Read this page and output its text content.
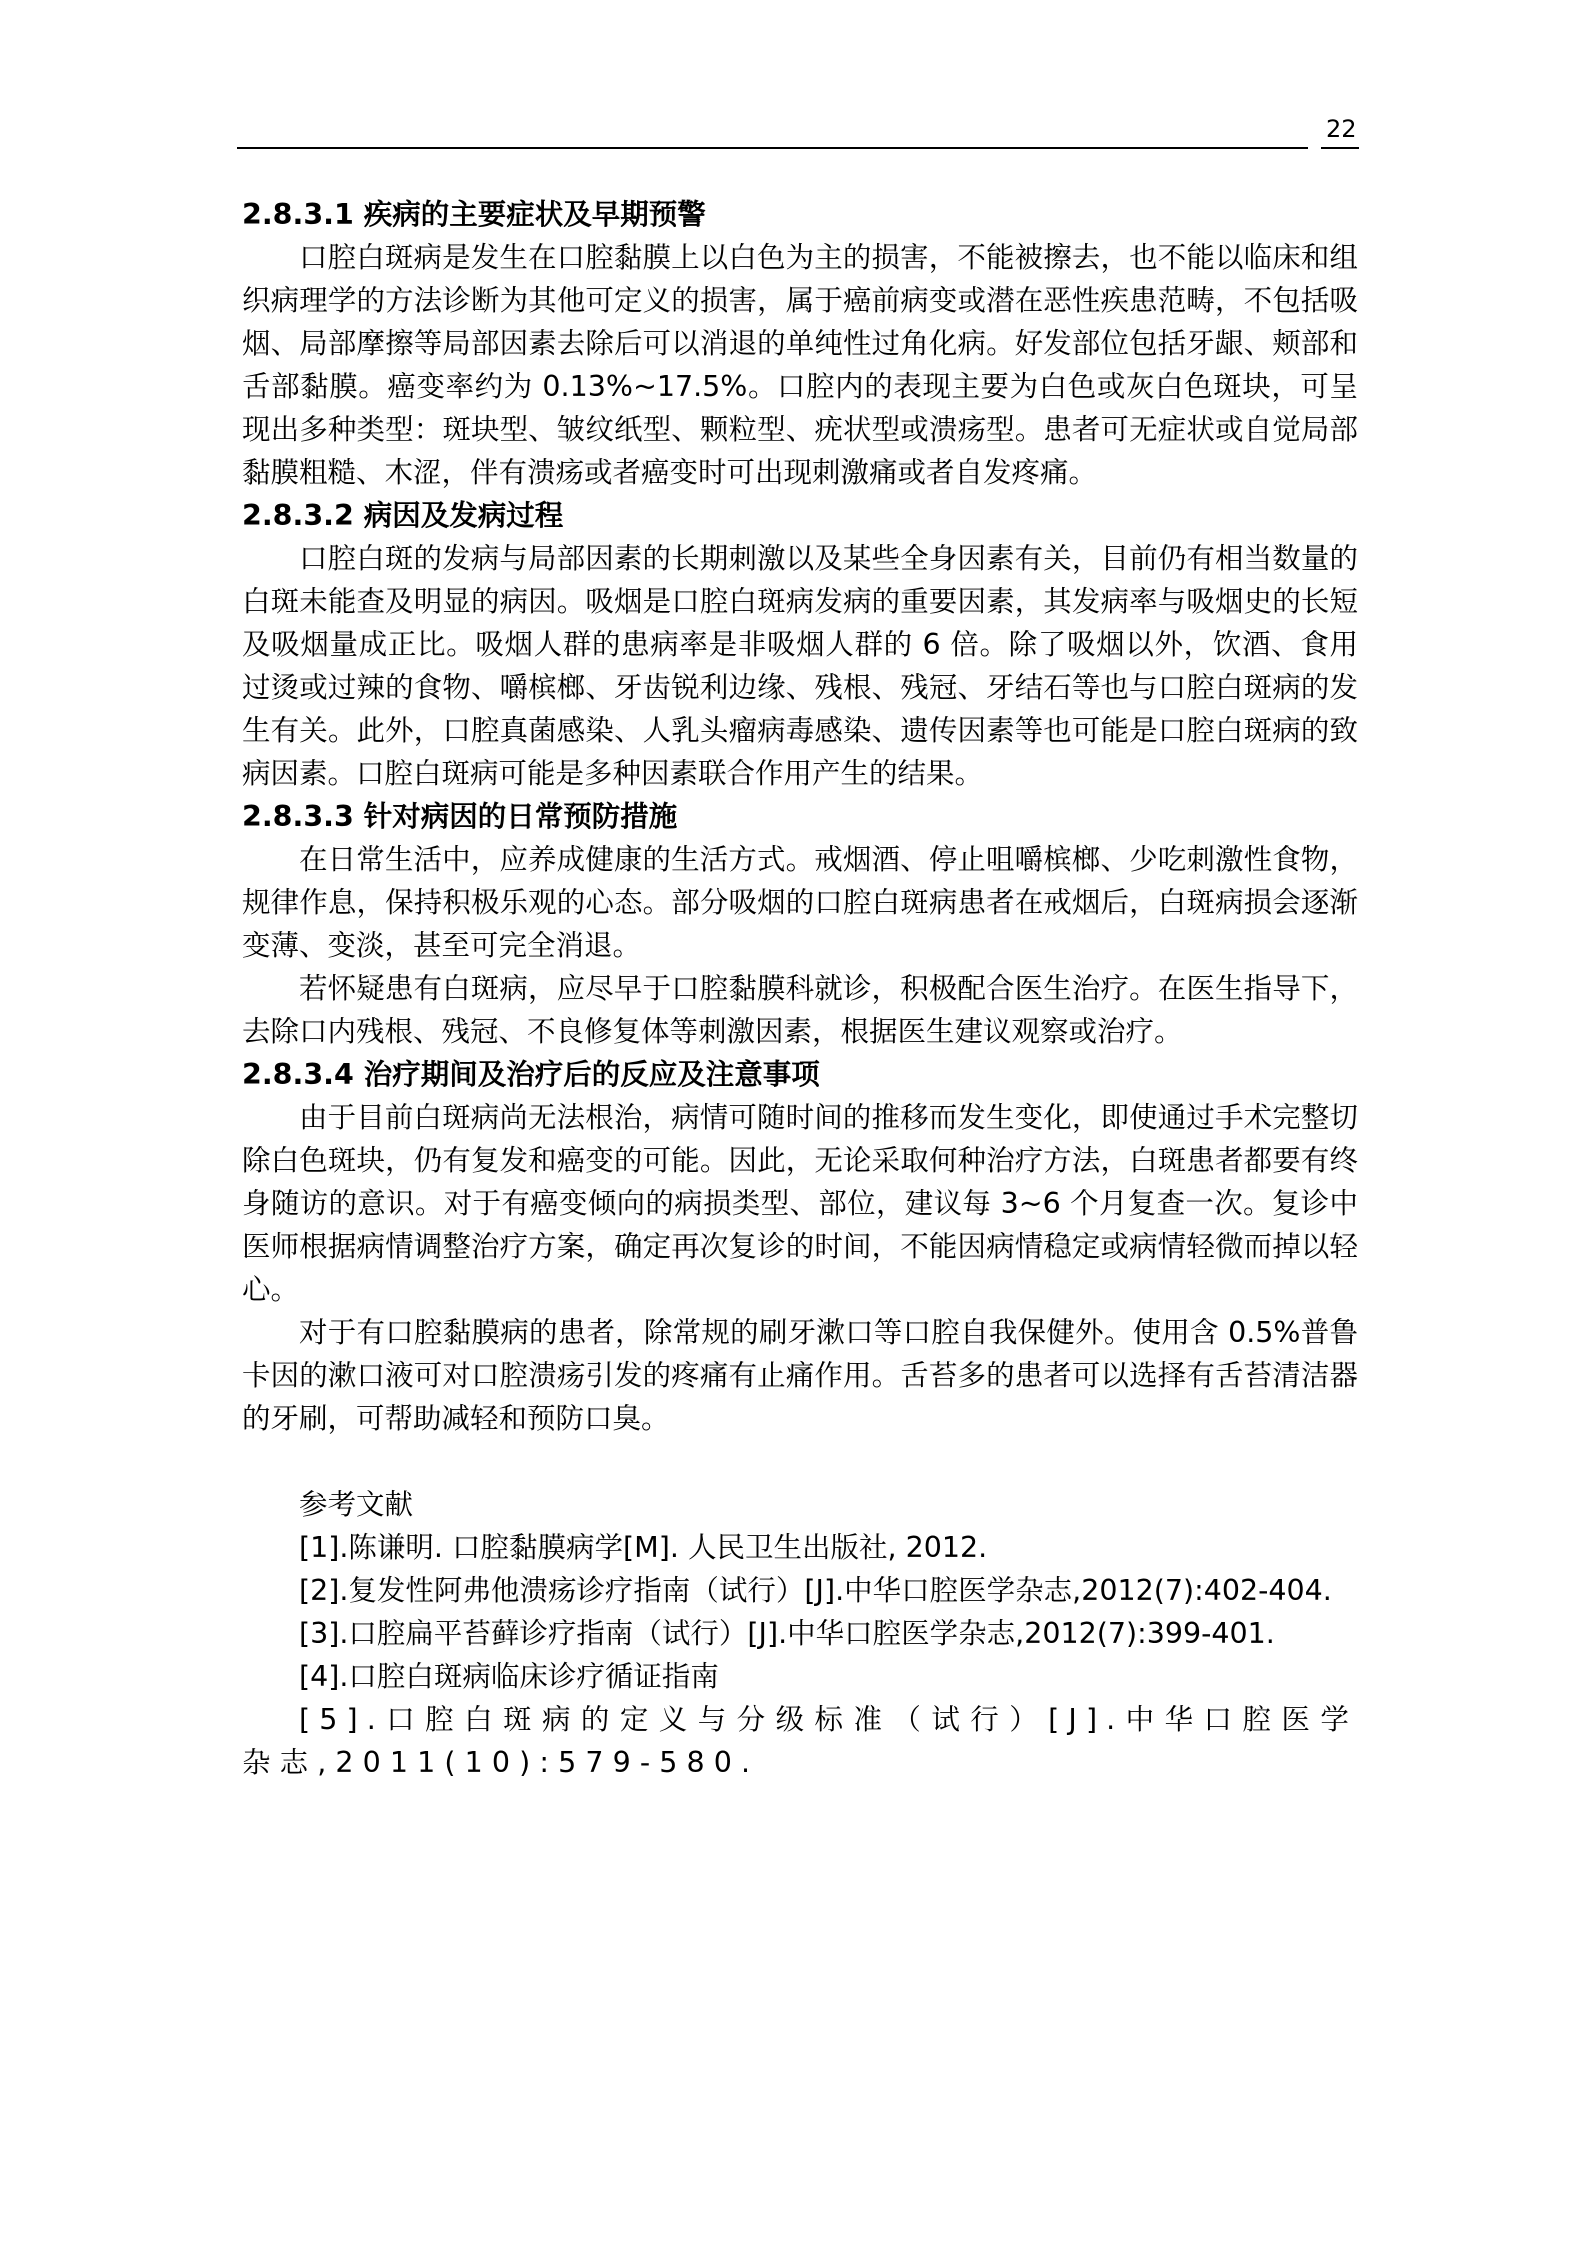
22

2.8.3.1 疾病的主要症状及早期预警

口腔白斑病是发生在口腔黏膜上以白色为主的损害，不能被擦去，也不能以临床和组织病理学的方法诊断为其他可定义的损害，属于癌前病变或潜在恶性疾患范畴，不包括吸烟、局部摩擦等局部因素去除后可以消退的单纯性过角化病。好发部位包括牙龈、颊部和舌部黏膜。癌变率约为 0.13%~17.5%。口腔内的表现主要为白色或灰白色斑块，可呈现出多种类型：斑块型、皱纹纸型、颗粒型、疣状型或溃疡型。患者可无症状或自觉局部黏膜粗糙、木涩，伴有溃疡或者癌变时可出现刺激痛或者自发疼痛。

2.8.3.2 病因及发病过程

口腔白斑的发病与局部因素的长期刺激以及某些全身因素有关，目前仍有相当数量的白斑未能查及明显的病因。吸烟是口腔白斑病发病的重要因素，其发病率与吸烟史的长短及吸烟量成正比。吸烟人群的患病率是非吸烟人群的 6 倍。除了吸烟以外，饮酒、食用过烫或过辣的食物、嚼槟榔、牙齿锐利边缘、残根、残冠、牙结石等也与口腔白斑病的发生有关。此外，口腔真菌感染、人乳头瘤病毒感染、遗传因素等也可能是口腔白斑病的致病因素。口腔白斑病可能是多种因素联合作用产生的结果。

2.8.3.3 针对病因的日常预防措施

在日常生活中，应养成健康的生活方式。戒烟酒、停止咀嚼槟榔、少吃刺激性食物，规律作息，保持积极乐观的心态。部分吸烟的口腔白斑病患者在戒烟后，白斑病损会逐渐变薄、变淡，甚至可完全消退。

若怀疑患有白斑病，应尽早于口腔黏膜科就诊，积极配合医生治疗。在医生指导下，去除口内残根、残冠、不良修复体等刺激因素，根据医生建议观察或治疗。

2.8.3.4 治疗期间及治疗后的反应及注意事项

由于目前白斑病尚无法根治，病情可随时间的推移而发生变化，即使通过手术完整切除白色斑块，仍有复发和癌变的可能。因此，无论采取何种治疗方法，白斑患者都要有终身随访的意识。对于有癌变倾向的病损类型、部位，建议每 3~6 个月复查一次。复诊中医师根据病情调整治疗方案，确定再次复诊的时间，不能因病情稳定或病情轻微而掉以轻心。

对于有口腔黏膜病的患者，除常规的刷牙漱口等口腔自我保健外。使用含 0.5%普鲁卡因的漱口液可对口腔溃疡引发的疼痛有止痛作用。舌苔多的患者可以选择有舌苔清洁器的牙刷，可帮助减轻和预防口臭。

参考文献

[1].陈谦明. 口腔黏膜病学[M]. 人民卫生出版社, 2012.

[2].复发性阿弗他溃疡诊疗指南（试行）[J].中华口腔医学杂志,2012(7):402-404.

[3].口腔扁平苔藓诊疗指南（试行）[J].中华口腔医学杂志,2012(7):399-401.

[4].口腔白斑病临床诊疗循证指南

[5].口腔白斑病的定义与分级标准（试行）[J].中华口腔医学杂志,2011(10):579-580.
